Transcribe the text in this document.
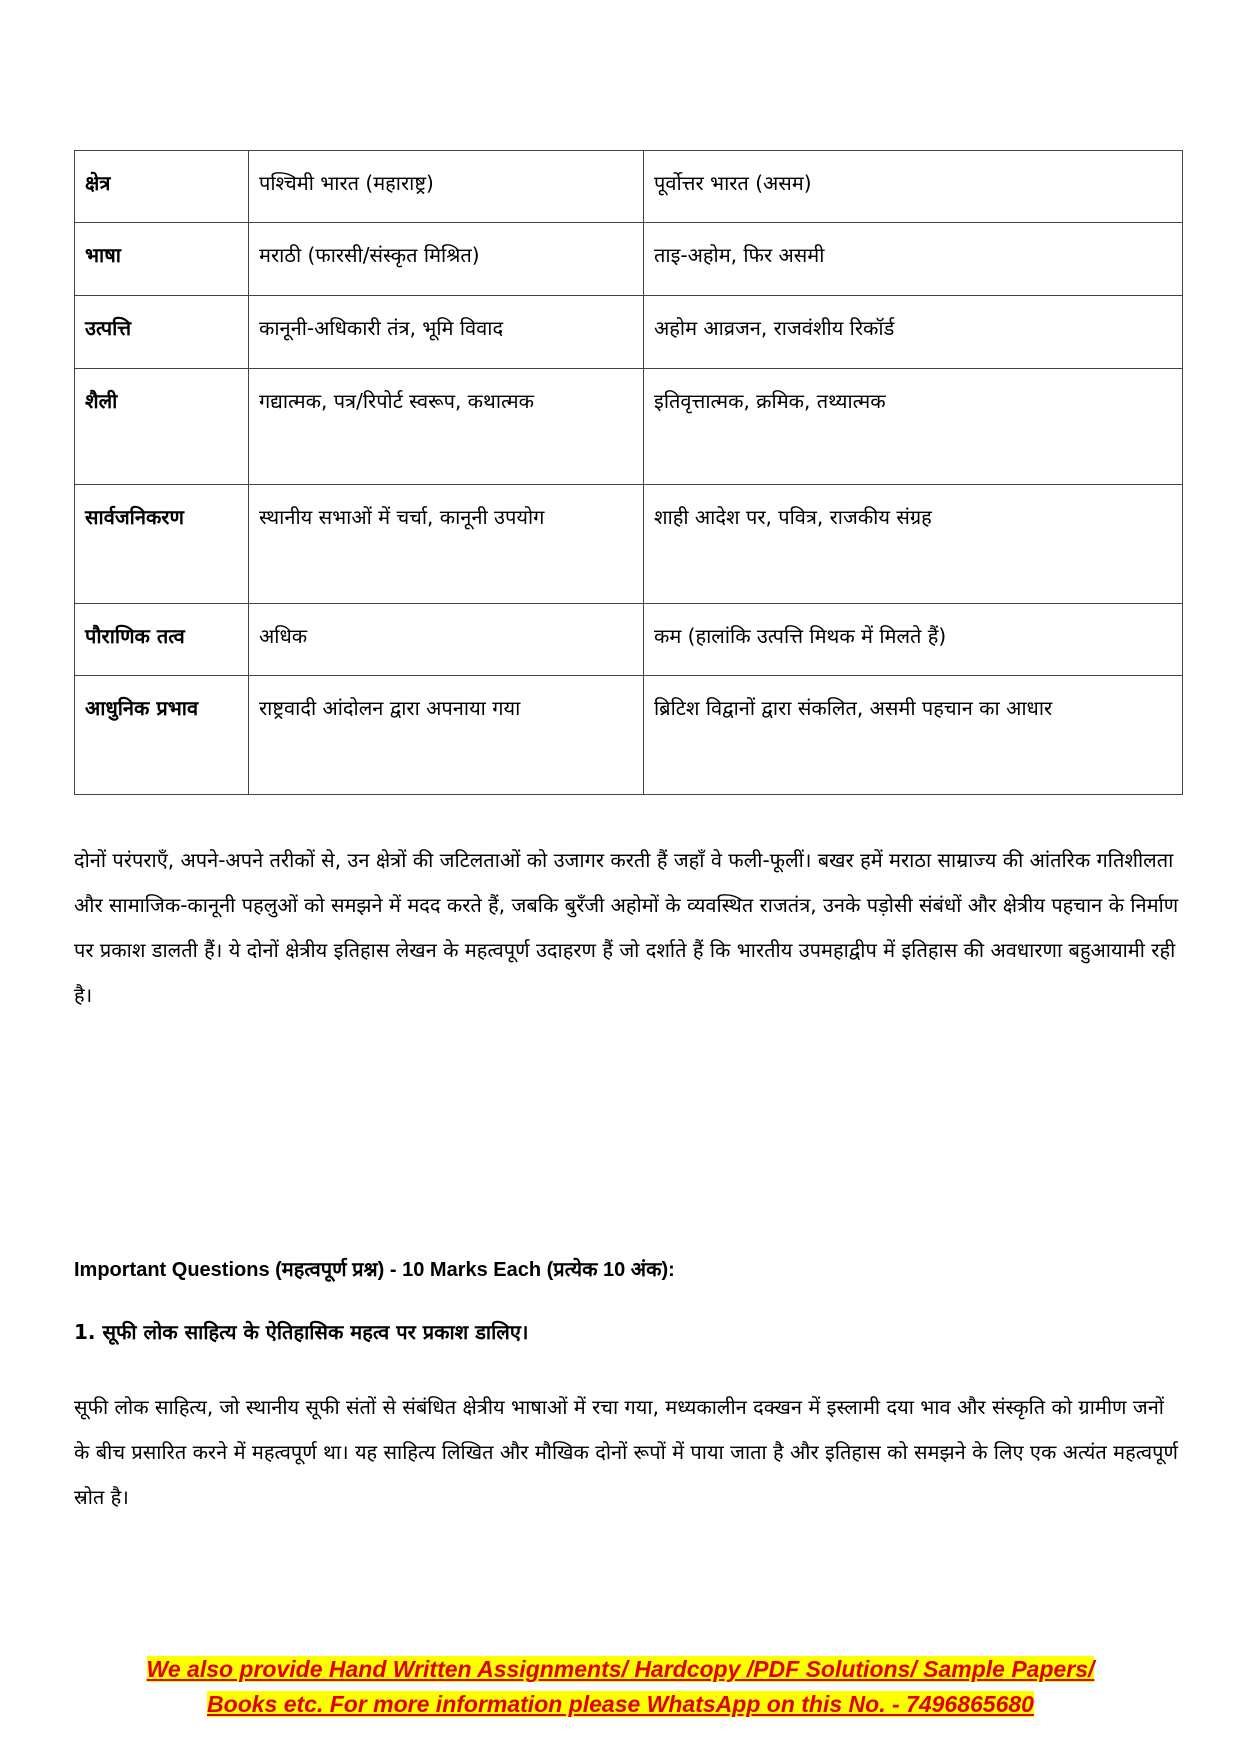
क्षेत्र	पश्चिमी भारत (महाराष्ट्र)	पूर्वोत्तर भारत (असम)
भाषा	मराठी (फारसी/संस्कृत मिश्रित)	ताइ-अहोम, फिर असमी
उत्पत्ति	कानूनी-अधिकारी तंत्र, भूमि विवाद	अहोम आव्रजन, राजवंशीय रिकॉर्ड
शैली	गद्यात्मक, पत्र/रिपोर्ट स्वरूप, कथात्मक	इतिवृत्तात्मक, क्रमिक, तथ्यात्मक
सार्वजनिकरण	स्थानीय सभाओं में चर्चा, कानूनी उपयोग	शाही आदेश पर, पवित्र, राजकीय संग्रह
पौराणिक तत्व	अधिक	कम (हालांकि उत्पत्ति मिथक में मिलते हैं)
आधुनिक प्रभाव	राष्ट्रवादी आंदोलन द्वारा अपनाया गया	ब्रिटिश विद्वानों द्वारा संकलित, असमी पहचान का आधार

दोनों परंपराएँ, अपने-अपने तरीकों से, उन क्षेत्रों की जटिलताओं को उजागर करती हैं जहाँ वे फली-फूलीं। बखर हमें मराठा साम्राज्य की आंतरिक गतिशीलता और सामाजिक-कानूनी पहलुओं को समझने में मदद करते हैं, जबकि बुरँजी अहोमों के व्यवस्थित राजतंत्र, उनके पड़ोसी संबंधों और क्षेत्रीय पहचान के निर्माण पर प्रकाश डालती हैं। ये दोनों क्षेत्रीय इतिहास लेखन के महत्वपूर्ण उदाहरण हैं जो दर्शाते हैं कि भारतीय उपमहाद्वीप में इतिहास की अवधारणा बहुआयामी रही है।

Important Questions (महत्वपूर्ण प्रश्न) - 10 Marks Each (प्रत्येक 10 अंक):

1. सूफी लोक साहित्य के ऐतिहासिक महत्व पर प्रकाश डालिए।

सूफी लोक साहित्य, जो स्थानीय सूफी संतों से संबंधित क्षेत्रीय भाषाओं में रचा गया, मध्यकालीन दक्खन में इस्लामी दया भाव और संस्कृति को ग्रामीण जनों के बीच प्रसारित करने में महत्वपूर्ण था। यह साहित्य लिखित और मौखिक दोनों रूपों में पाया जाता है और इतिहास को समझने के लिए एक अत्यंत महत्वपूर्ण स्रोत है।

We also provide Hand Written Assignments/ Hardcopy /PDF Solutions/ Sample Papers/
Books etc. For more information please WhatsApp on this No. - 7496865680
